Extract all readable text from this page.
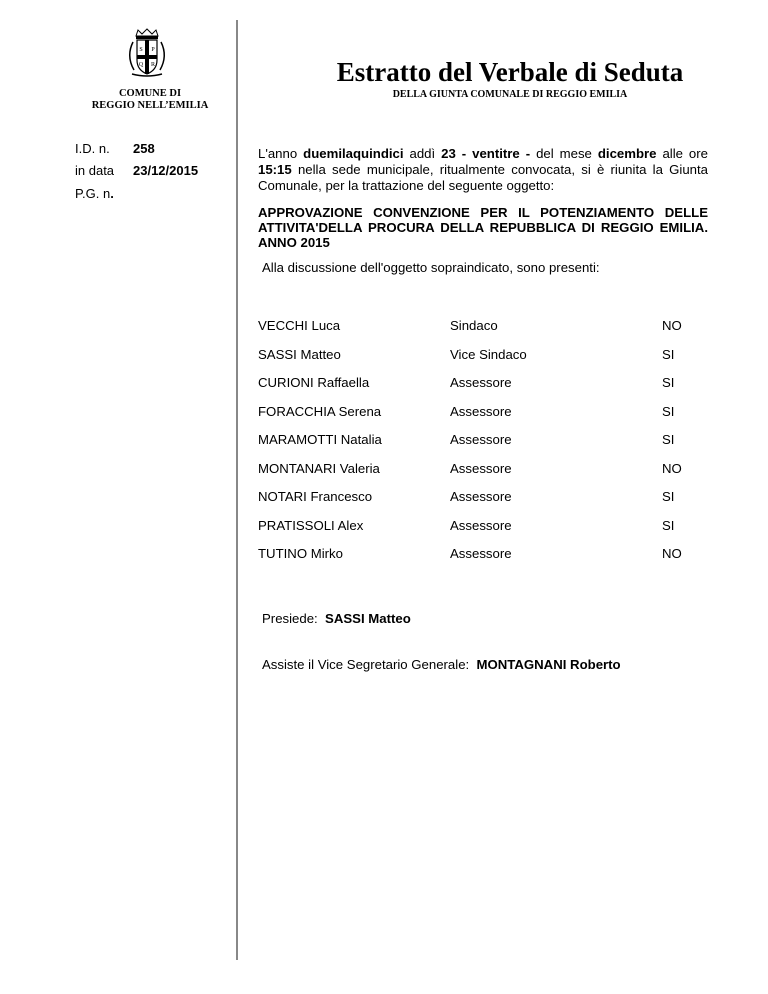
S P
Q R
COMUNE DI
REGGIO NELL’EMILIA
Estratto del Verbale di Seduta
DELLA GIUNTA COMUNALE DI REGGIO EMILIA
I.D. n. 258
in data 23/12/2015
P.G. n.
L'anno duemilaquindici addì 23 - ventitre - del mese dicembre alle ore 15:15 nella sede municipale, ritualmente convocata, si è riunita la Giunta Comunale, per la trattazione del seguente oggetto:
APPROVAZIONE CONVENZIONE PER IL POTENZIAMENTO DELLE ATTIVITA'DELLA PROCURA DELLA REPUBBLICA DI REGGIO EMILIA. ANNO 2015
Alla discussione dell'oggetto sopraindicato, sono presenti:
VECCHI Luca	Sindaco	NO
SASSI Matteo	Vice Sindaco	SI
CURIONI Raffaella	Assessore	SI
FORACCHIA Serena	Assessore	SI
MARAMOTTI Natalia	Assessore	SI
MONTANARI Valeria	Assessore	NO
NOTARI Francesco	Assessore	SI
PRATISSOLI Alex	Assessore	SI
TUTINO Mirko	Assessore	NO
Presiede: SASSI Matteo
Assiste il Vice Segretario Generale: MONTAGNANI Roberto
